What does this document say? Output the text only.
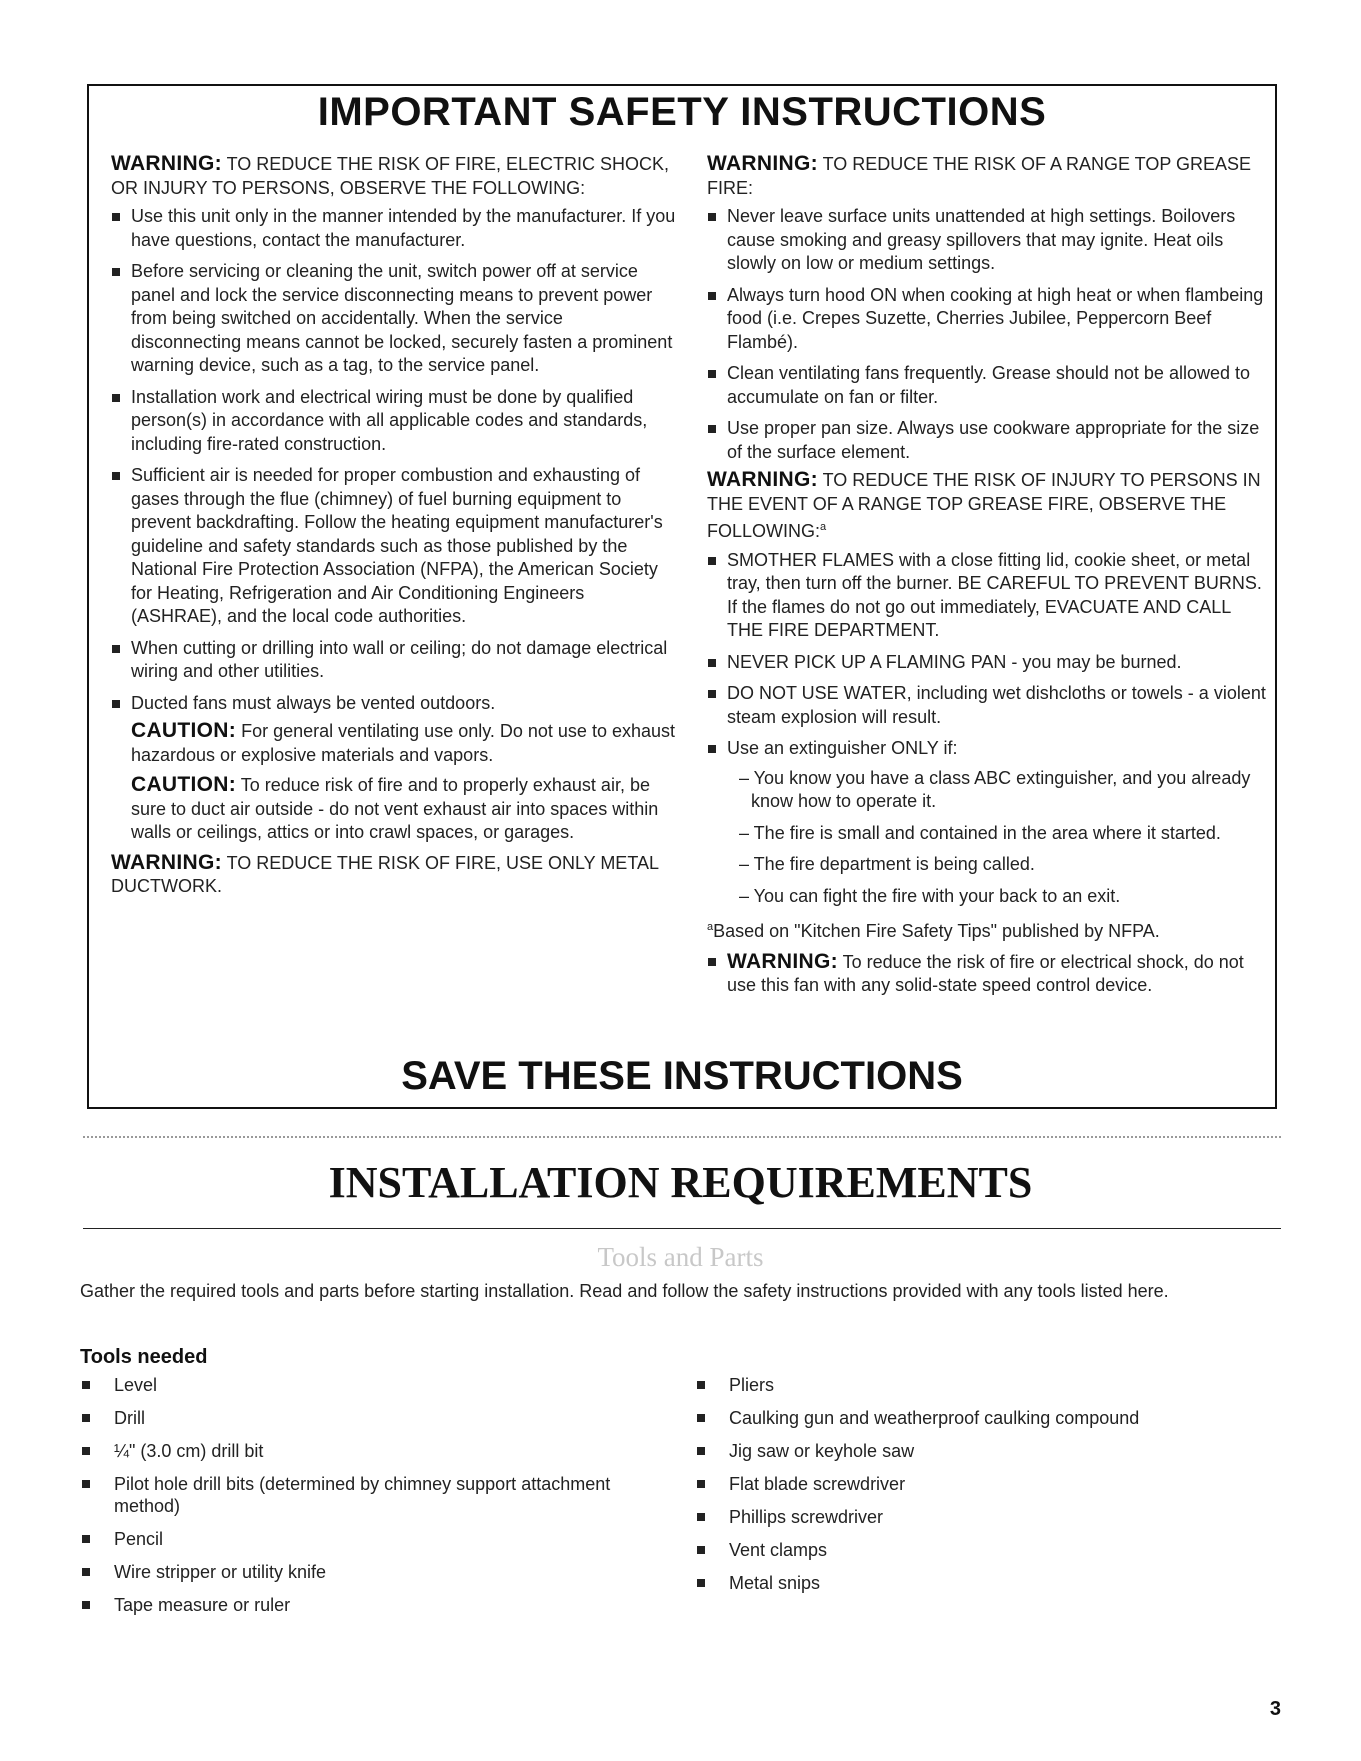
IMPORTANT SAFETY INSTRUCTIONS
WARNING: TO REDUCE THE RISK OF FIRE, ELECTRIC SHOCK, OR INJURY TO PERSONS, OBSERVE THE FOLLOWING:
Use this unit only in the manner intended by the manufacturer. If you have questions, contact the manufacturer.
Before servicing or cleaning the unit, switch power off at service panel and lock the service disconnecting means to prevent power from being switched on accidentally. When the service disconnecting means cannot be locked, securely fasten a prominent warning device, such as a tag, to the service panel.
Installation work and electrical wiring must be done by qualified person(s) in accordance with all applicable codes and standards, including fire-rated construction.
Sufficient air is needed for proper combustion and exhausting of gases through the flue (chimney) of fuel burning equipment to prevent backdrafting. Follow the heating equipment manufacturer's guideline and safety standards such as those published by the National Fire Protection Association (NFPA), the American Society for Heating, Refrigeration and Air Conditioning Engineers (ASHRAE), and the local code authorities.
When cutting or drilling into wall or ceiling; do not damage electrical wiring and other utilities.
Ducted fans must always be vented outdoors.
CAUTION: For general ventilating use only. Do not use to exhaust hazardous or explosive materials and vapors.
CAUTION: To reduce risk of fire and to properly exhaust air, be sure to duct air outside - do not vent exhaust air into spaces within walls or ceilings, attics or into crawl spaces, or garages.
WARNING: TO REDUCE THE RISK OF FIRE, USE ONLY METAL DUCTWORK.
WARNING: TO REDUCE THE RISK OF A RANGE TOP GREASE FIRE:
Never leave surface units unattended at high settings. Boilovers cause smoking and greasy spillovers that may ignite. Heat oils slowly on low or medium settings.
Always turn hood ON when cooking at high heat or when flambeing food (i.e. Crepes Suzette, Cherries Jubilee, Peppercorn Beef Flambé).
Clean ventilating fans frequently. Grease should not be allowed to accumulate on fan or filter.
Use proper pan size. Always use cookware appropriate for the size of the surface element.
WARNING: TO REDUCE THE RISK OF INJURY TO PERSONS IN THE EVENT OF A RANGE TOP GREASE FIRE, OBSERVE THE FOLLOWING:$^a$
SMOTHER FLAMES with a close fitting lid, cookie sheet, or metal tray, then turn off the burner. BE CAREFUL TO PREVENT BURNS. If the flames do not go out immediately, EVACUATE AND CALL THE FIRE DEPARTMENT.
NEVER PICK UP A FLAMING PAN - you may be burned.
DO NOT USE WATER, including wet dishcloths or towels - a violent steam explosion will result.
Use an extinguisher ONLY if:
– You know you have a class ABC extinguisher, and you already know how to operate it.
– The fire is small and contained in the area where it started.
– The fire department is being called.
– You can fight the fire with your back to an exit.
$^a$Based on "Kitchen Fire Safety Tips" published by NFPA.
WARNING: To reduce the risk of fire or electrical shock, do not use this fan with any solid-state speed control device.
SAVE THESE INSTRUCTIONS
INSTALLATION REQUIREMENTS
Tools and Parts
Gather the required tools and parts before starting installation. Read and follow the safety instructions provided with any tools listed here.
Tools needed
Level
Drill
¼" (3.0 cm) drill bit
Pilot hole drill bits (determined by chimney support attachment method)
Pencil
Wire stripper or utility knife
Tape measure or ruler
Pliers
Caulking gun and weatherproof caulking compound
Jig saw or keyhole saw
Flat blade screwdriver
Phillips screwdriver
Vent clamps
Metal snips
3
